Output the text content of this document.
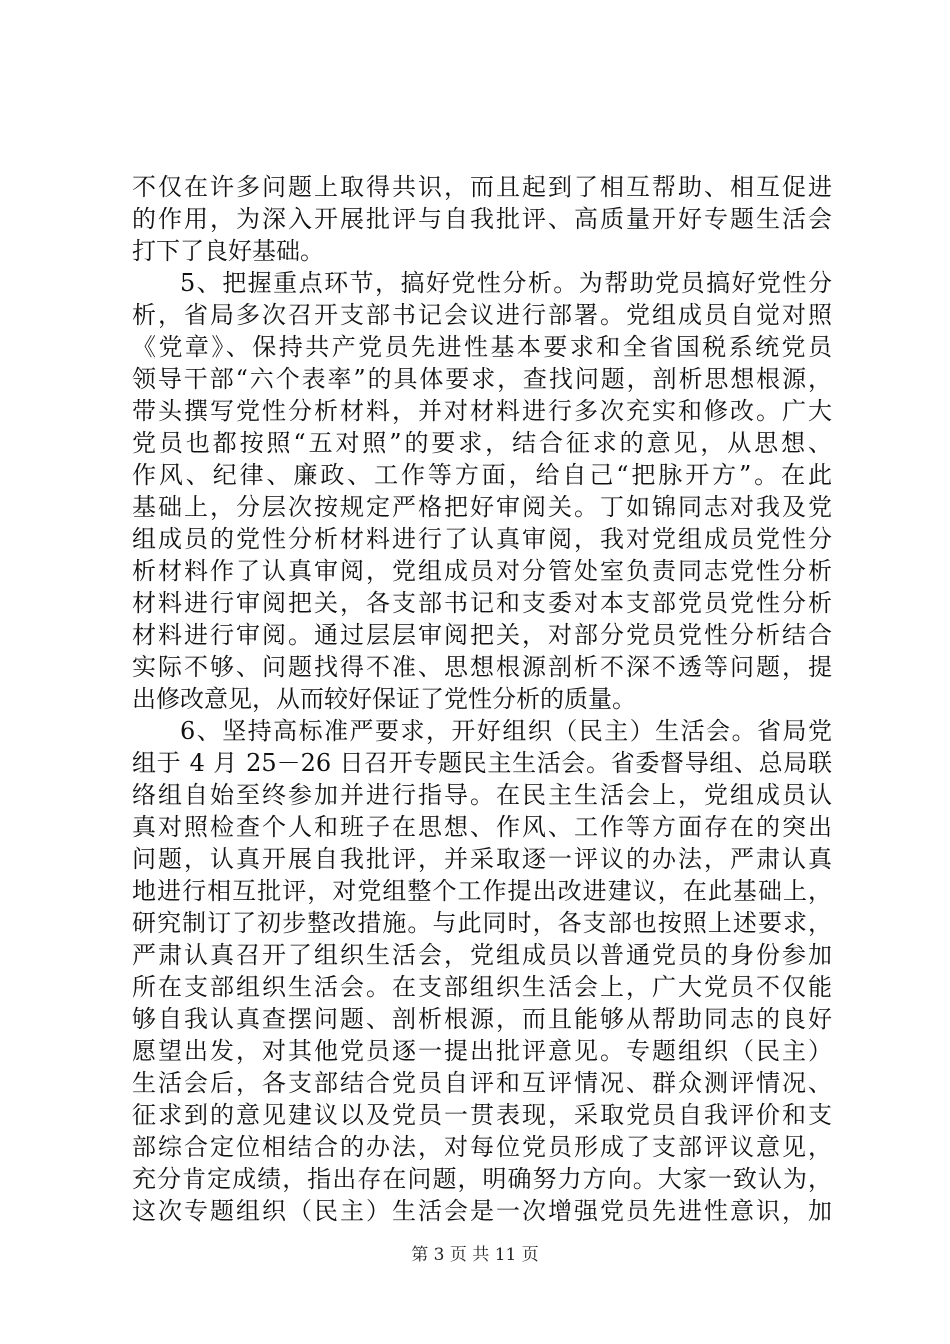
不仅在许多问题上取得共识，而且起到了相互帮助、相互促进
的作用，为深入开展批评与自我批评、高质量开好专题生活会
打下了良好基础。
5、把握重点环节，搞好党性分析。为帮助党员搞好党性分
析，省局多次召开支部书记会议进行部署。党组成员自觉对照
《党章》、保持共产党员先进性基本要求和全省国税系统党员
领导干部“六个表率”的具体要求，查找问题，剖析思想根源，
带头撰写党性分析材料，并对材料进行多次充实和修改。广大
党员也都按照“五对照”的要求，结合征求的意见，从思想、
作风、纪律、廉政、工作等方面，给自己“把脉开方”。在此
基础上，分层次按规定严格把好审阅关。丁如锦同志对我及党
组成员的党性分析材料进行了认真审阅，我对党组成员党性分
析材料作了认真审阅，党组成员对分管处室负责同志党性分析
材料进行审阅把关，各支部书记和支委对本支部党员党性分析
材料进行审阅。通过层层审阅把关，对部分党员党性分析结合
实际不够、问题找得不准、思想根源剖析不深不透等问题，提
出修改意见，从而较好保证了党性分析的质量。
6、坚持高标准严要求，开好组织（民主）生活会。省局党
组于 4 月 25－26 日召开专题民主生活会。省委督导组、总局联
络组自始至终参加并进行指导。在民主生活会上，党组成员认
真对照检查个人和班子在思想、作风、工作等方面存在的突出
问题，认真开展自我批评，并采取逐一评议的办法，严肃认真
地进行相互批评，对党组整个工作提出改进建议，在此基础上，
研究制订了初步整改措施。与此同时，各支部也按照上述要求，
严肃认真召开了组织生活会，党组成员以普通党员的身份参加
所在支部组织生活会。在支部组织生活会上，广大党员不仅能
够自我认真查摆问题、剖析根源，而且能够从帮助同志的良好
愿望出发，对其他党员逐一提出批评意见。专题组织（民主）
生活会后，各支部结合党员自评和互评情况、群众测评情况、
征求到的意见建议以及党员一贯表现，采取党员自我评价和支
部综合定位相结合的办法，对每位党员形成了支部评议意见，
充分肯定成绩，指出存在问题，明确努力方向。大家一致认为，
这次专题组织（民主）生活会是一次增强党员先进性意识，加
第 3 页 共 11 页
